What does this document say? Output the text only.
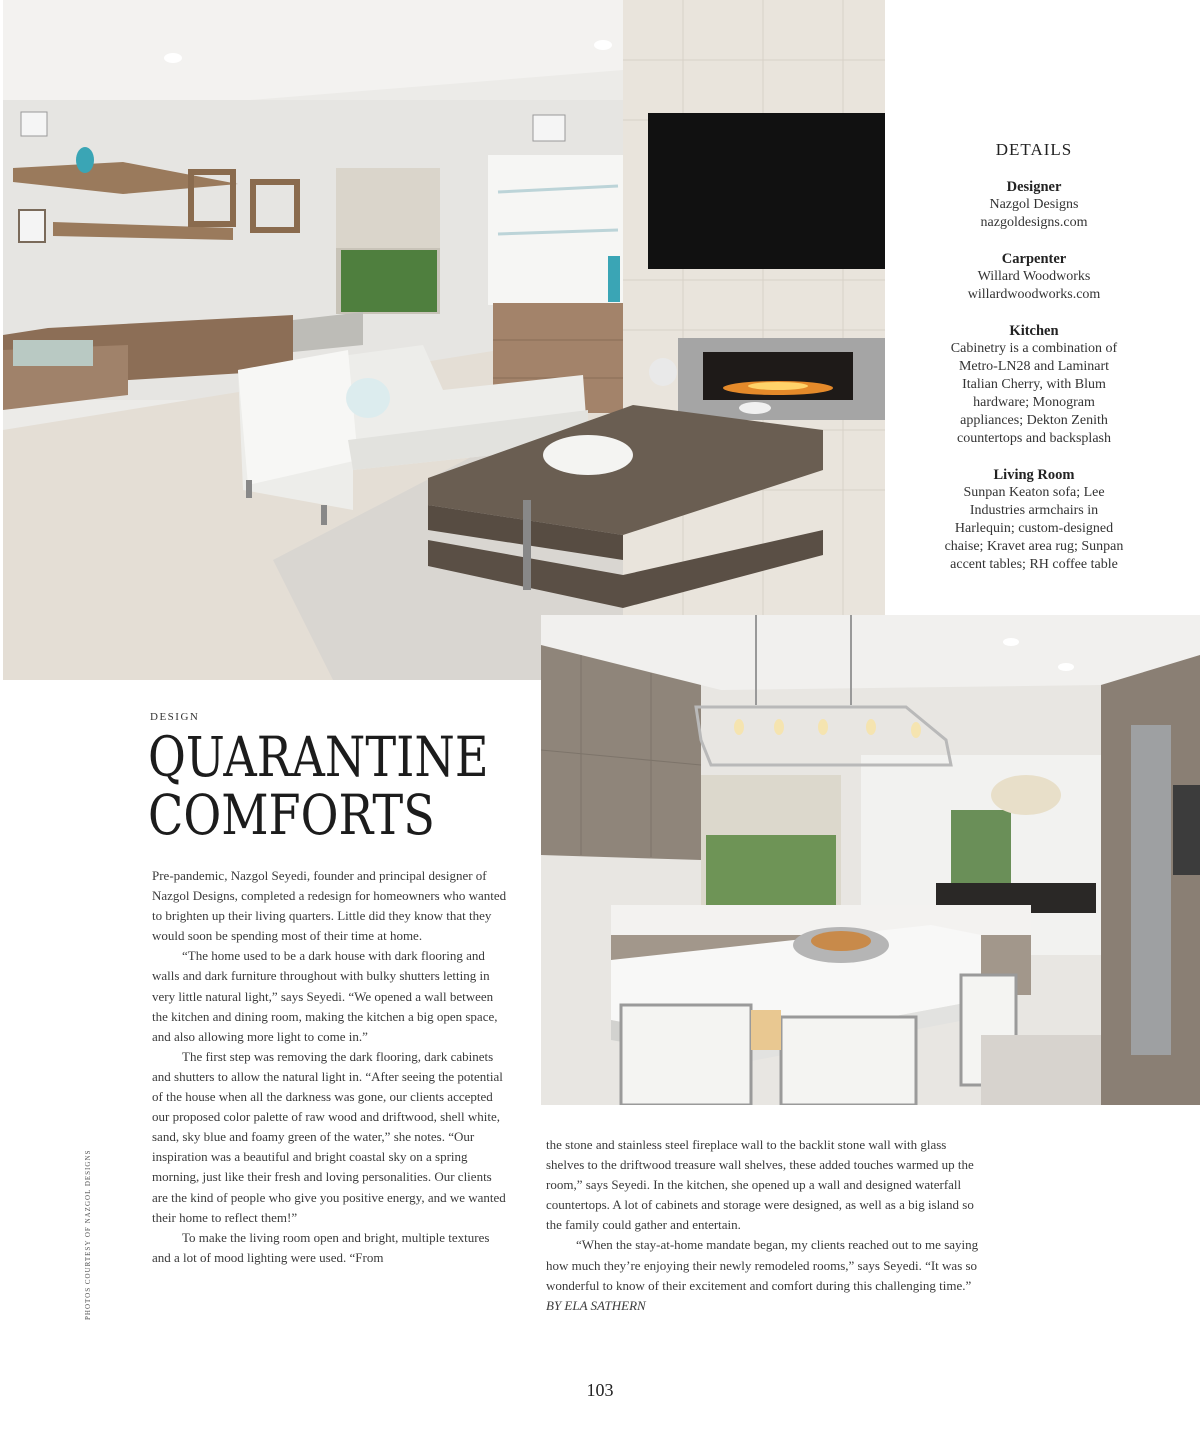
DETAILS
Designer
Nazgol Designs
nazgoldesigns.com
Carpenter
Willard Woodworks
willardwoodworks.com
Kitchen
Cabinetry is a combination of
Metro-LN28 and Laminart
Italian Cherry, with Blum
hardware; Monogram
appliances; Dekton Zenith
countertops and backsplash
Living Room
Sunpan Keaton sofa; Lee
Industries armchairs in
Harlequin; custom-designed
chaise; Kravet area rug; Sunpan
accent tables; RH coffee table
DESIGN
QUARANTINE
COMFORTS

Pre-pandemic, Nazgol Seyedi, founder and principal designer of Nazgol Designs, completed a redesign for homeowners who wanted to brighten up their living quarters. Little did they know that they would soon be spending most of their time at home.

“The home used to be a dark house with dark flooring and walls and dark furniture throughout with bulky shutters letting in very little natural light,” says Seyedi. “We opened a wall between the kitchen and dining room, making the kitchen a big open space, and also allowing more light to come in.”

The first step was removing the dark flooring, dark cabinets and shutters to allow the natural light in. “After seeing the potential of the house when all the darkness was gone, our clients accepted our proposed color palette of raw wood and driftwood, shell white, sand, sky blue and foamy green of the water,” she notes. “Our inspiration was a beautiful and bright coastal sky on a spring morning, just like their fresh and loving personalities. Our clients are the kind of people who give you positive energy, and we wanted their home to reflect them!”

To make the living room open and bright, multiple textures and a lot of mood lighting were used. “From

the stone and stainless steel fireplace wall to the backlit stone wall with glass shelves to the driftwood treasure wall shelves, these added touches warmed up the room,” says Seyedi. In the kitchen, she opened up a wall and designed waterfall countertops. A lot of cabinets and storage were designed, as well as a big island so the family could gather and entertain.

“When the stay-at-home mandate began, my clients reached out to me saying how much they’re enjoying their newly remodeled rooms,” says Seyedi. “It was so wonderful to know of their excitement and comfort during this challenging time.” BY ELA SATHERN

PHOTOS COURTESY OF NAZGOL DESIGNS
103
